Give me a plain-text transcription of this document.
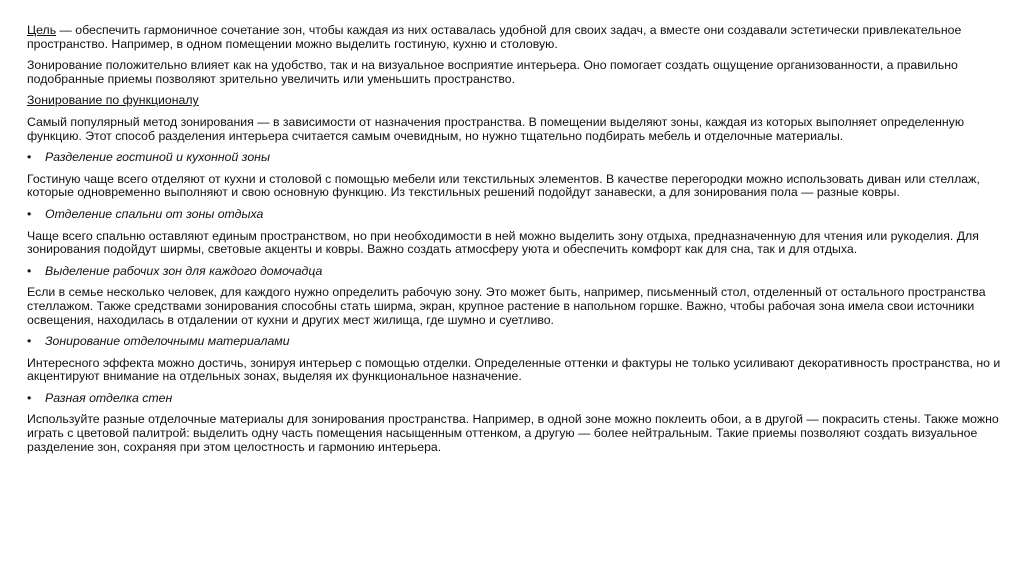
Цель — обеспечить гармоничное сочетание зон, чтобы каждая из них оставалась удобной для своих задач, а вместе они создавали эстетически привлекательное пространство. Например, в одном помещении можно выделить гостиную, кухню и столовую.

Зонирование положительно влияет как на удобство, так и на визуальное восприятие интерьера. Оно помогает создать ощущение организованности, а правильно подобранные приемы позволяют зрительно увеличить или уменьшить пространство.

Зонирование по функционалу

Самый популярный метод зонирования — в зависимости от назначения пространства. В помещении выделяют зоны, каждая из которых выполняет определенную функцию. Этот способ разделения интерьера считается самым очевидным, но нужно тщательно подбирать мебель и отделочные материалы.

•	Разделение гостиной и кухонной зоны

Гостиную чаще всего отделяют от кухни и столовой с помощью мебели или текстильных элементов. В качестве перегородки можно использовать диван или стеллаж, которые одновременно выполняют и свою основную функцию. Из текстильных решений подойдут занавески, а для зонирования пола — разные ковры.

•	Отделение спальни от зоны отдыха

Чаще всего спальню оставляют единым пространством, но при необходимости в ней можно выделить зону отдыха, предназначенную для чтения или рукоделия. Для зонирования подойдут ширмы, световые акценты и ковры. Важно создать атмосферу уюта и обеспечить комфорт как для сна, так и для отдыха.

•	Выделение рабочих зон для каждого домочадца

Если в семье несколько человек, для каждого нужно определить рабочую зону. Это может быть, например, письменный стол, отделенный от остального пространства стеллажом. Также средствами зонирования способны стать ширма, экран, крупное растение в напольном горшке. Важно, чтобы рабочая зона имела свои источники освещения, находилась в отдалении от кухни и других мест жилища, где шумно и суетливо.

•	Зонирование отделочными материалами

Интересного эффекта можно достичь, зонируя интерьер с помощью отделки. Определенные оттенки и фактуры не только усиливают декоративность пространства, но и акцентируют внимание на отдельных зонах, выделяя их функциональное назначение.

•	Разная отделка стен

Используйте разные отделочные материалы для зонирования пространства. Например, в одной зоне можно поклеить обои, а в другой — покрасить стены. Также можно играть с цветовой палитрой: выделить одну часть помещения насыщенным оттенком, а другую — более нейтральным. Такие приемы позволяют создать визуальное разделение зон, сохраняя при этом целостность и гармонию интерьера.
